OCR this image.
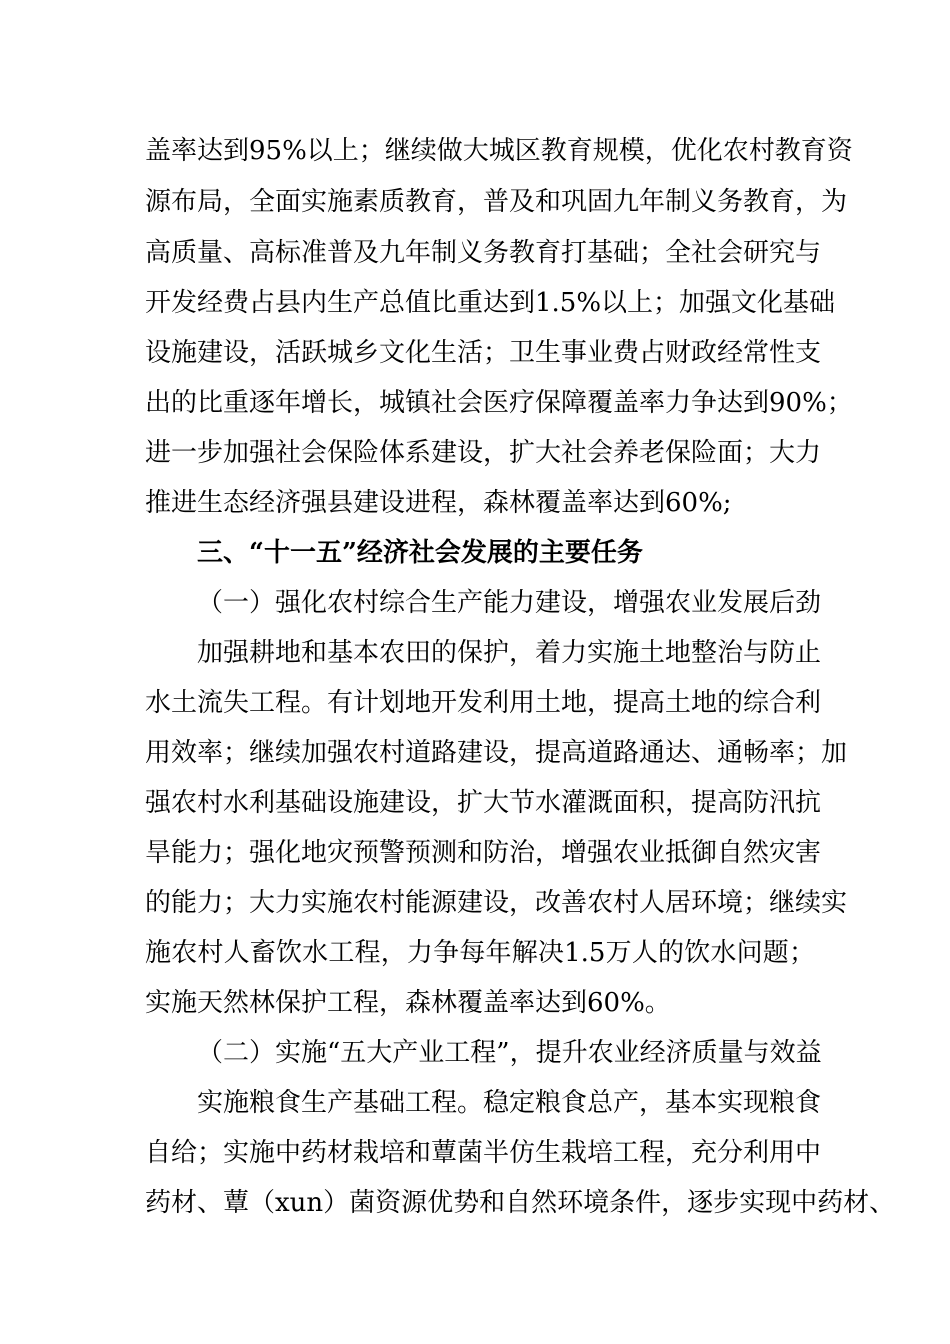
盖率达到95%以上；继续做大城区教育规模，优化农村教育资
源布局，全面实施素质教育，普及和巩固九年制义务教育，为
高质量、高标准普及九年制义务教育打基础；全社会研究与
开发经费占县内生产总值比重达到1.5%以上；加强文化基础
设施建设，活跃城乡文化生活；卫生事业费占财政经常性支
出的比重逐年增长，城镇社会医疗保障覆盖率力争达到90%；
进一步加强社会保险体系建设，扩大社会养老保险面；大力
推进生态经济强县建设进程，森林覆盖率达到60%;
三、“十一五”经济社会发展的主要任务
（一）强化农村综合生产能力建设，增强农业发展后劲
加强耕地和基本农田的保护，着力实施土地整治与防止
水土流失工程。有计划地开发利用土地，提高土地的综合利
用效率；继续加强农村道路建设，提高道路通达、通畅率；加
强农村水利基础设施建设，扩大节水灌溉面积，提高防汛抗
旱能力；强化地灾预警预测和防治，增强农业抵御自然灾害
的能力；大力实施农村能源建设，改善农村人居环境；继续实
施农村人畜饮水工程，力争每年解决1.5万人的饮水问题；
实施天然林保护工程，森林覆盖率达到60%。
（二）实施“五大产业工程”，提升农业经济质量与效益
实施粮食生产基础工程。稳定粮食总产，基本实现粮食
自给；实施中药材栽培和蕈菌半仿生栽培工程，充分利用中
药材、蕈（xun）菌资源优势和自然环境条件，逐步实现中药材、
